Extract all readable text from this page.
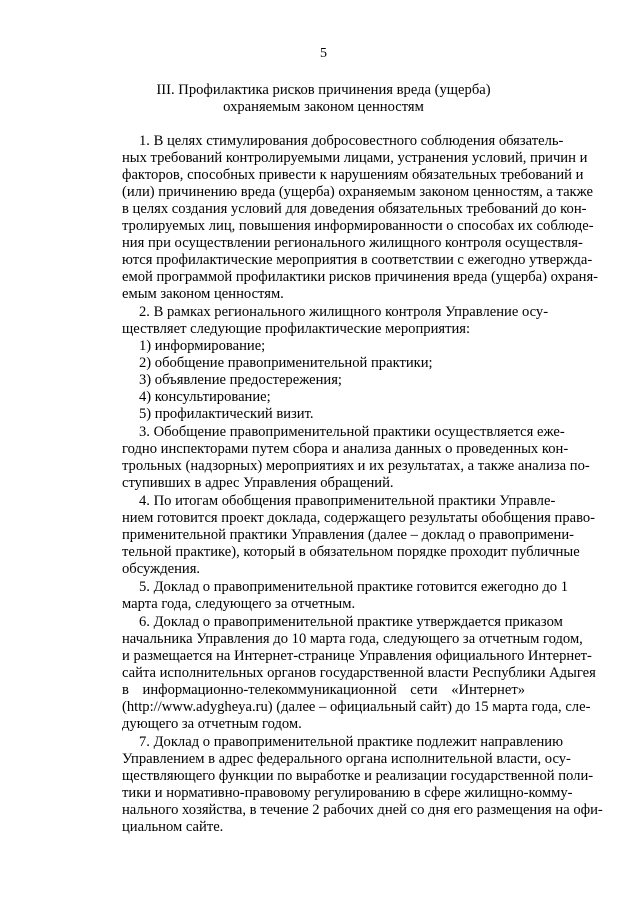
5
III. Профилактика рисков причинения вреда (ущерба)
охраняемым законом ценностям
1. В целях стимулирования добросовестного соблюдения обязатель-
ных требований контролируемыми лицами, устранения условий, причин и
факторов, способных привести к нарушениям обязательных требований и
(или) причинению вреда (ущерба) охраняемым законом ценностям, а также
в целях создания условий для доведения обязательных требований до кон-
тролируемых лиц, повышения информированности о способах их соблюде-
ния при осуществлении регионального жилищного контроля осуществля-
ются профилактические мероприятия в соответствии с ежегодно утвержда-
емой программой профилактики рисков причинения вреда (ущерба) охраня-
емым законом ценностям.
2. В рамках регионального жилищного контроля Управление осу-
ществляет следующие профилактические мероприятия:
1) информирование;
2) обобщение правоприменительной практики;
3) объявление предостережения;
4) консультирование;
5) профилактический визит.
3. Обобщение правоприменительной практики осуществляется еже-
годно инспекторами путем сбора и анализа данных о проведенных кон-
трольных (надзорных) мероприятиях и их результатах, а также анализа по-
ступивших в адрес Управления обращений.
4. По итогам обобщения правоприменительной практики Управле-
нием готовится проект доклада, содержащего результаты обобщения право-
применительной практики Управления (далее – доклад о правопримени-
тельной практике), который в обязательном порядке проходит публичные
обсуждения.
5. Доклад о правоприменительной практике готовится ежегодно до 1
марта года, следующего за отчетным.
6. Доклад о правоприменительной практике утверждается приказом
начальника Управления до 10 марта года, следующего за отчетным годом,
и размещается на Интернет-странице Управления официального Интернет-
сайта исполнительных органов государственной власти Республики Адыгея
в информационно-телекоммуникационной сети «Интернет»
(http://www.adygheya.ru) (далее – официальный сайт) до 15 марта года, сле-
дующего за отчетным годом.
7. Доклад о правоприменительной практике подлежит направлению
Управлением в адрес федерального органа исполнительной власти, осу-
ществляющего функции по выработке и реализации государственной поли-
тики и нормативно-правовому регулированию в сфере жилищно-комму-
нального хозяйства, в течение 2 рабочих дней со дня его размещения на офи-
циальном сайте.
